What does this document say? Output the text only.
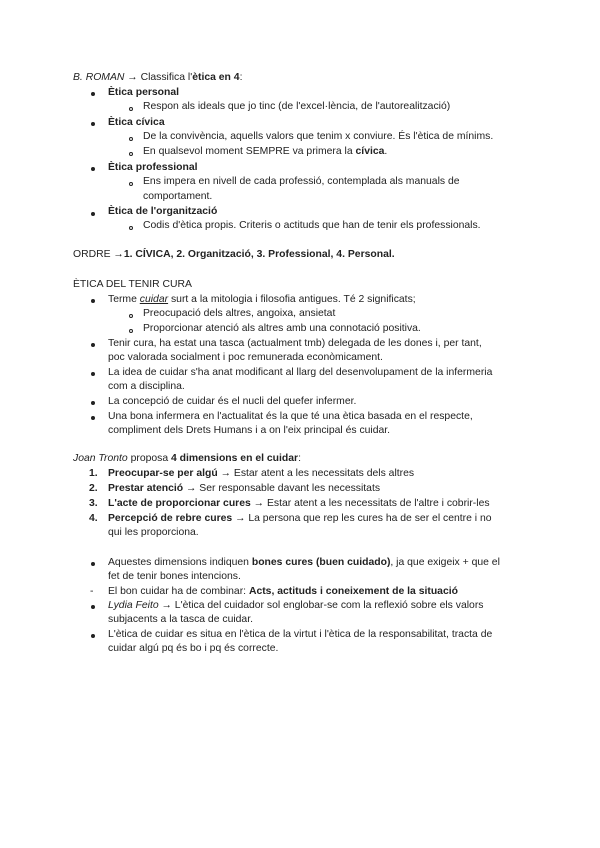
B. ROMAN → Classifica l'ètica en 4:
Ètica personal
Respon als ideals que jo tinc (de l'excel·lència, de l'autorealització)
Ètica cívica
De la convivència, aquells valors que tenim x conviure. És l'ètica de mínims.
En qualsevol moment SEMPRE va primera la cívica.
Ètica professional
Ens impera en nivell de cada professió, contemplada als manuals de
comportament.
Ètica de l'organització
Codis d'ètica propis. Criteris o actituds que han de tenir els professionals.
ORDRE →1. CÍVICA, 2. Organització, 3. Professional, 4. Personal.
ÈTICA DEL TENIR CURA
Terme cuidar surt a la mitologia i filosofia antigues. Té 2 significats;
Preocupació dels altres, angoixa, ansietat
Proporcionar atenció als altres amb una connotació positiva.
Tenir cura, ha estat una tasca (actualment tmb) delegada de les dones i, per tant,
poc valorada socialment i poc remunerada econòmicament.
La idea de cuidar s'ha anat modificant al llarg del desenvolupament de la infermeria
com a disciplina.
La concepció de cuidar és el nucli del quefer infermer.
Una bona infermera en l'actualitat és la que té una ètica basada en el respecte,
compliment dels Drets Humans i a on l'eix principal és cuidar.
Joan Tronto proposa 4 dimensions en el cuidar:
1. Preocupar-se per algú → Estar atent a les necessitats dels altres
2. Prestar atenció → Ser responsable davant les necessitats
3. L'acte de proporcionar cures → Estar atent a les necessitats de l'altre i cobrir-les
4. Percepció de rebre cures → La persona que rep les cures ha de ser el centre i no
qui les proporciona.
Aquestes dimensions indiquen bones cures (buen cuidado), ja que exigeix + que el
fet de tenir bones intencions.
- El bon cuidar ha de combinar: Acts, actituds i coneixement de la situació
Lydia Feito → L'ètica del cuidador sol englobar-se com la reflexió sobre els valors
subjacents a la tasca de cuidar.
L'ètica de cuidar es situa en l'ètica de la virtut i l'ètica de la responsabilitat, tracta de
cuidar algú pq és bo i pq és correcte.
